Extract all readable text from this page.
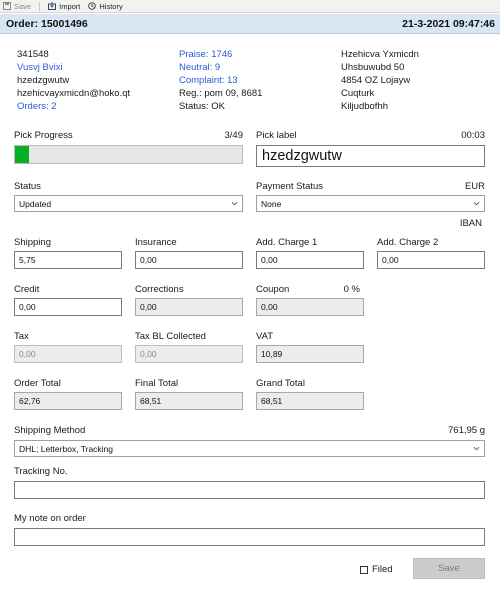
Save	Import	History
Order: 15001496	21-3-2021 09:47:46
341548
Vusvj Bvixi
hzedzgwutw
hzehicvayxmicdn@hoko.qt
Orders: 2
Praise: 1746
Neutral: 9
Complaint: 13
Reg.: pom 09, 8681
Status: OK
Hzehicva Yxmicdn
Uhsbuwubd 50
4854 OZ Lojayw
Cuqturk
Kiljudbofhh
Pick Progress	3/49 Pick label	00:03
hzedzgwutw
Status
Updated
Payment Status	EUR
None
IBAN
Shipping
5,75
Insurance
0,00
Add. Charge 1
0,00
Add. Charge 2
0,00
Credit
0,00
Corrections
0,00
Coupon	0 %
0,00
Tax
0,00
Tax BL Collected
0,00
VAT
10,89
Order Total
62,76
Final Total
68,51
Grand Total
68,51
Shipping Method	761,95 g
DHL; Letterbox, Tracking
Tracking No.
My note on order
Filed	Save
